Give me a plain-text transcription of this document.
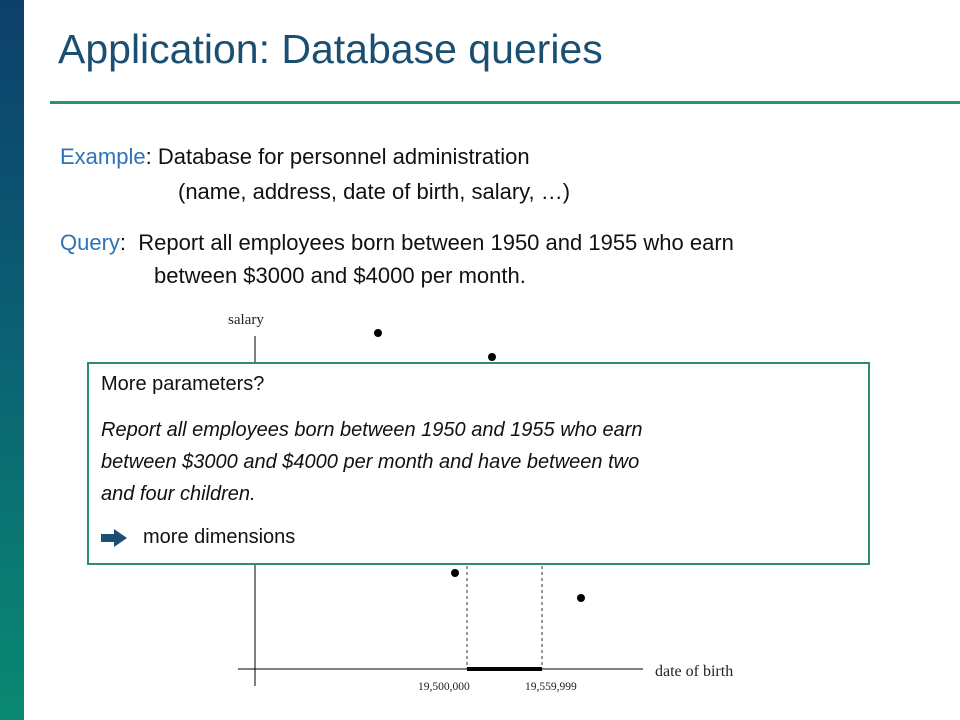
Application: Database queries
Example: Database for personnel administration
(name, address, date of birth, salary, …)
Query:  Report all employees born between 1950 and 1955 who earn
between $3000 and $4000 per month.
salary
date of birth
19,500,000	19,559,999

More parameters?

Report all employees born between 1950 and 1955 who earn
between $3000 and $4000 per month and have between two
and four children.

more dimensions
